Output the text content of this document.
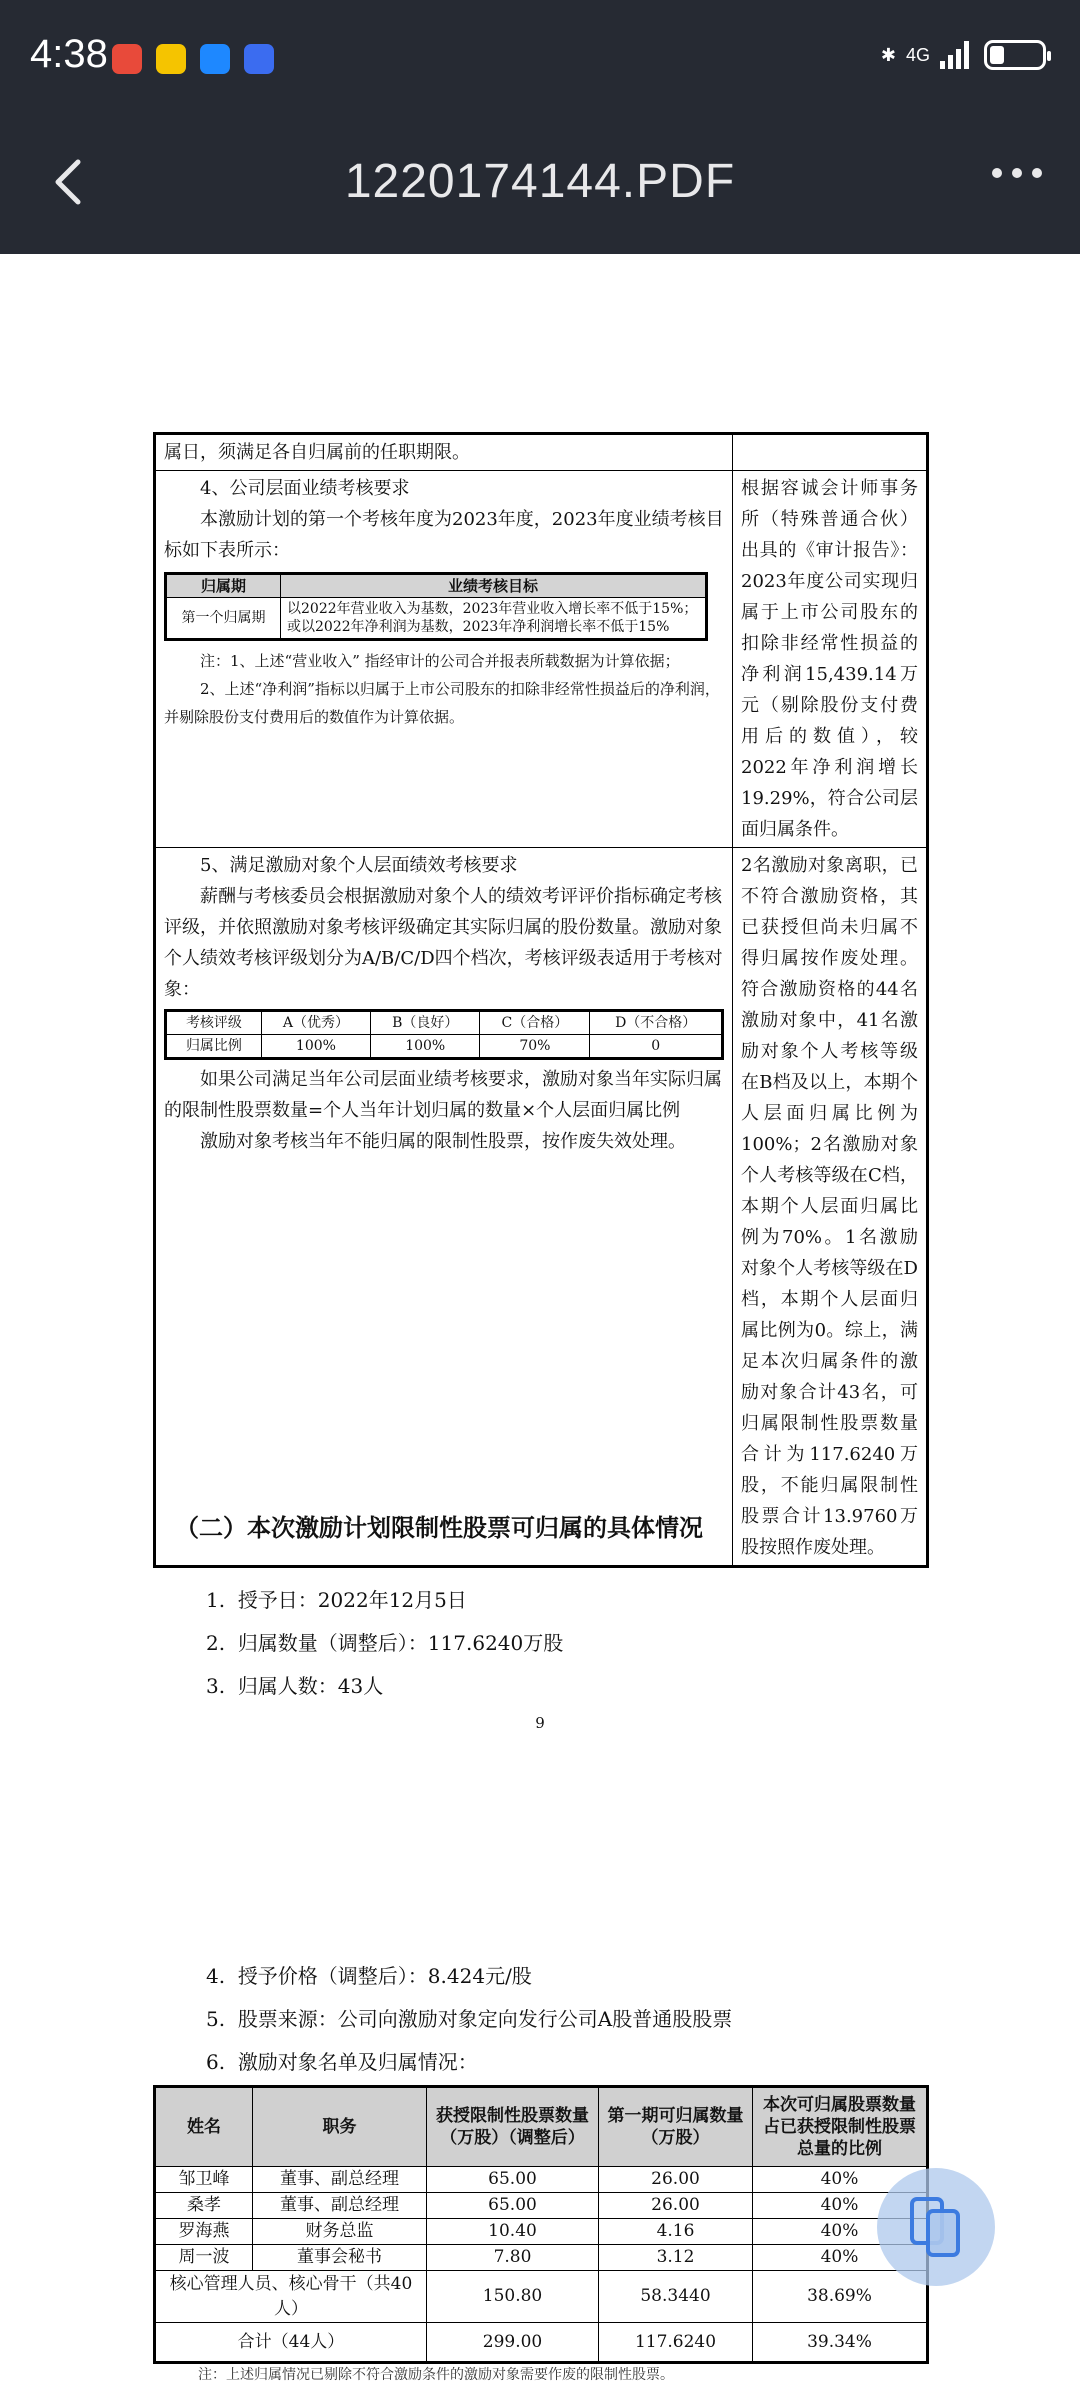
4:38	✱ 4G
1220174144.PDF
属日，须满足各自归属前的任职期限。	

4、公司层面业绩考核要求
本激励计划的第一个考核年度为2023年度，2023年度业绩考核目标如下表所示：
归属期	业绩考核目标
第一个归属期	以2022年营业收入为基数，2023年营业收入增长率不低于15%；或以2022年净利润为基数，2023年净利润增长率不低于15%
注：1、上述“营业收入” 指经审计的公司合并报表所载数据为计算依据；
2、上述“净利润”指标以归属于上市公司股东的扣除非经常性损益后的净利润，并剔除股份支付费用后的数值作为计算依据。
	根据容诚会计师事务所（特殊普通合伙）出具的《审计报告》：2023年度公司实现归属于上市公司股东的扣除非经常性损益的净利润15,439.14万元（剔除股份支付费用后的数值），较2022年净利润增长19.29%，符合公司层面归属条件。

5、满足激励对象个人层面绩效考核要求
薪酬与考核委员会根据激励对象个人的绩效考评评价指标确定考核评级，并依照激励对象考核评级确定其实际归属的股份数量。激励对象个人绩效考核评级划分为A/B/C/D四个档次，考核评级表适用于考核对象：
考核评级	A（优秀）	B（良好）	C（合格）	D（不合格）
归属比例	100%	100%	70%	0
如果公司满足当年公司层面业绩考核要求，激励对象当年实际归属的限制性股票数量=个人当年计划归属的数量×个人层面归属比例
激励对象考核当年不能归属的限制性股票，按作废失效处理。
	2名激励对象离职，已不符合激励资格，其已获授但尚未归属不得归属按作废处理。符合激励资格的44名激励对象中，41名激励对象个人考核等级在B档及以上，本期个人层面归属比例为100%；2名激励对象个人考核等级在C档，本期个人层面归属比例为70%。1名激励对象个人考核等级在D档，本期个人层面归属比例为0。综上，满足本次归属条件的激励对象合计43名，可归属限制性股票数量合计为117.6240万股，不能归属限制性股票合计13.9760万股按照作废处理。
（二）本次激励计划限制性股票可归属的具体情况
1. 授予日：2022年12月5日
2. 归属数量（调整后）：117.6240万股
3. 归属人数：43人
9
4. 授予价格（调整后）：8.424元/股
5. 股票来源：公司向激励对象定向发行公司A股普通股股票
6. 激励对象名单及归属情况：
姓名	职务	获授限制性股票数量（万股）（调整后）	第一期可归属数量（万股）	本次可归属股票数量占已获授限制性股票总量的比例
邹卫峰	董事、副总经理	65.00	26.00	40%
桑孝	董事、副总经理	65.00	26.00	40%
罗海燕	财务总监	10.40	4.16	40%
周一波	董事会秘书	7.80	3.12	40%
核心管理人员、核心骨干（共40人）		150.80	58.3440	38.69%
合计（44人）		299.00	117.6240	39.34%
注：上述归属情况已剔除不符合激励条件的激励对象需要作废的限制性股票。
